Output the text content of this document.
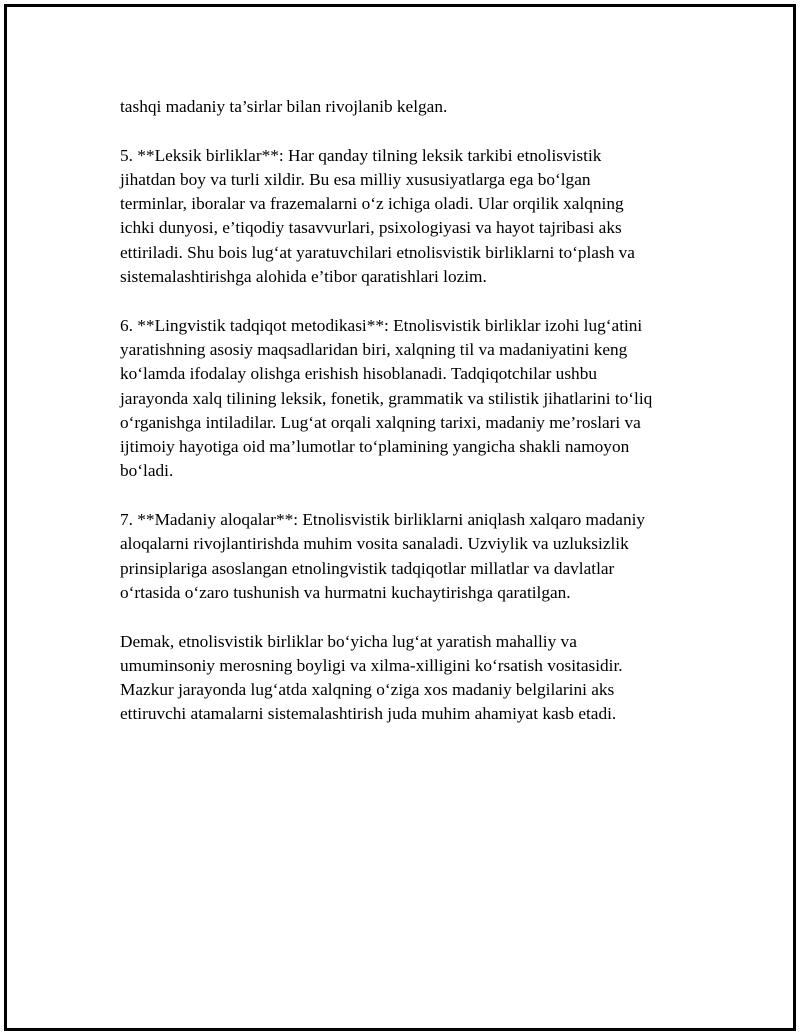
tashqi madaniy ta’sirlar bilan rivojlanib kelgan.

5. **Leksik birliklar**: Har qanday tilning leksik tarkibi etnolisvistik
jihatdan boy va turli xildir. Bu esa milliy xususiyatlarga ega bo‘lgan
terminlar, iboralar va frazemalarni o‘z ichiga oladi. Ular orqilik xalqning
ichki dunyosi, e’tiqodiy tasavvurlari, psixologiyasi va hayot tajribasi aks
ettiriladi. Shu bois lug‘at yaratuvchilari etnolisvistik birliklarni to‘plash va
sistemalashtirishga alohida e’tibor qaratishlari lozim.

6. **Lingvistik tadqiqot metodikasi**: Etnolisvistik birliklar izohi lug‘atini
yaratishning asosiy maqsadlaridan biri, xalqning til va madaniyatini keng
ko‘lamda ifodalay olishga erishish hisoblanadi. Tadqiqotchilar ushbu
jarayonda xalq tilining leksik, fonetik, grammatik va stilistik jihatlarini to‘liq
o‘rganishga intiladilar. Lug‘at orqali xalqning tarixi, madaniy me’roslari va
ijtimoiy hayotiga oid ma’lumotlar to‘plamining yangicha shakli namoyon
bo‘ladi.

7. **Madaniy aloqalar**: Etnolisvistik birliklarni aniqlash xalqaro madaniy
aloqalarni rivojlantirishda muhim vosita sanaladi. Uzviylik va uzluksizlik
prinsiplariga asoslangan etnolingvistik tadqiqotlar millatlar va davlatlar
o‘rtasida o‘zaro tushunish va hurmatni kuchaytirishga qaratilgan.

Demak, etnolisvistik birliklar bo‘yicha lug‘at yaratish mahalliy va
umuminsoniy merosning boyligi va xilma-xilligini ko‘rsatish vositasidir.
Mazkur jarayonda lug‘atda xalqning o‘ziga xos madaniy belgilarini aks
ettiruvchi atamalarni sistemalashtirish juda muhim ahamiyat kasb etadi.
